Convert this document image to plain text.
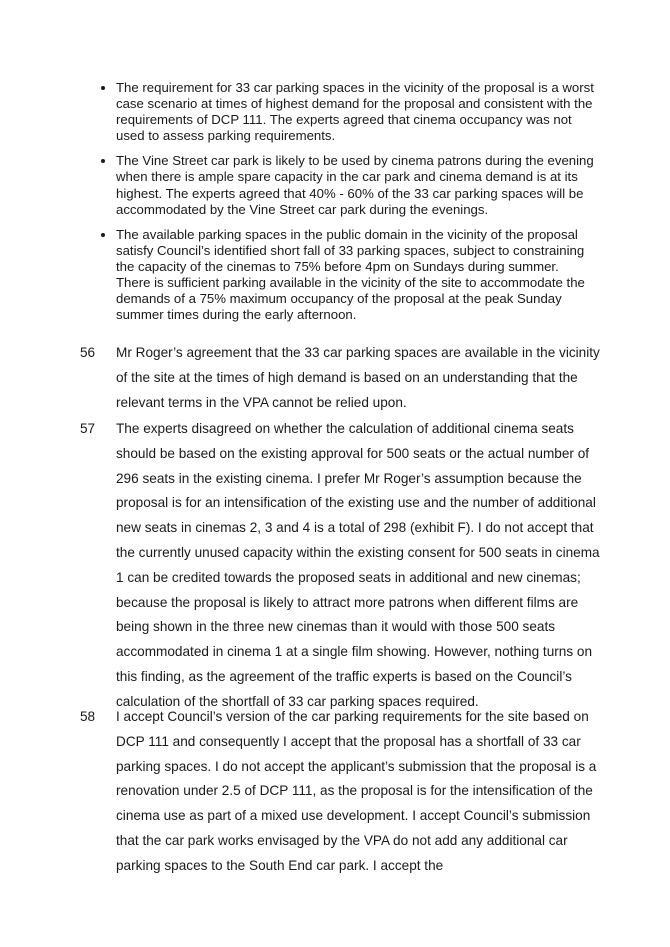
The requirement for 33 car parking spaces in the vicinity of the proposal is a worst case scenario at times of highest demand for the proposal and consistent with the requirements of DCP 111. The experts agreed that cinema occupancy was not used to assess parking requirements.
The Vine Street car park is likely to be used by cinema patrons during the evening when there is ample spare capacity in the car park and cinema demand is at its highest. The experts agreed that 40% - 60% of the 33 car parking spaces will be accommodated by the Vine Street car park during the evenings.
The available parking spaces in the public domain in the vicinity of the proposal satisfy Council’s identified short fall of 33 parking spaces, subject to constraining the capacity of the cinemas to 75% before 4pm on Sundays during summer. There is sufficient parking available in the vicinity of the site to accommodate the demands of a 75% maximum occupancy of the proposal at the peak Sunday summer times during the early afternoon.
56 Mr Roger’s agreement that the 33 car parking spaces are available in the vicinity of the site at the times of high demand is based on an understanding that the relevant terms in the VPA cannot be relied upon.
57 The experts disagreed on whether the calculation of additional cinema seats should be based on the existing approval for 500 seats or the actual number of 296 seats in the existing cinema. I prefer Mr Roger’s assumption because the proposal is for an intensification of the existing use and the number of additional new seats in cinemas 2, 3 and 4 is a total of 298 (exhibit F). I do not accept that the currently unused capacity within the existing consent for 500 seats in cinema 1 can be credited towards the proposed seats in additional and new cinemas; because the proposal is likely to attract more patrons when different films are being shown in the three new cinemas than it would with those 500 seats accommodated in cinema 1 at a single film showing. However, nothing turns on this finding, as the agreement of the traffic experts is based on the Council’s calculation of the shortfall of 33 car parking spaces required.
58 I accept Council’s version of the car parking requirements for the site based on DCP 111 and consequently I accept that the proposal has a shortfall of 33 car parking spaces. I do not accept the applicant’s submission that the proposal is a renovation under 2.5 of DCP 111, as the proposal is for the intensification of the cinema use as part of a mixed use development. I accept Council’s submission that the car park works envisaged by the VPA do not add any additional car parking spaces to the South End car park. I accept the
